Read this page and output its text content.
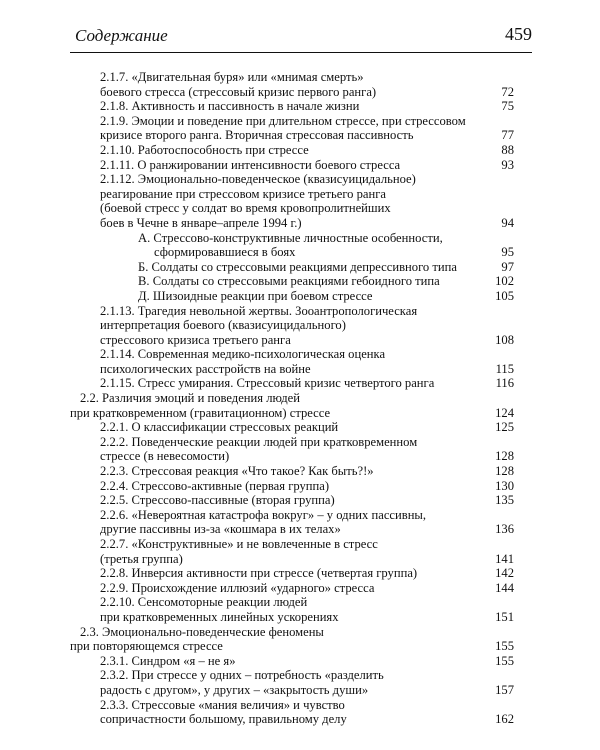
Содержание	459
2.1.7. «Двигательная буря» или «мнимая смерть»
боевого стресса (стрессовый кризис первого ранга)	72
2.1.8. Активность и пассивность в начале жизни	75
2.1.9. Эмоции и поведение при длительном стрессе, при стрессовом
кризисе второго ранга. Вторичная стрессовая пассивность	77
2.1.10. Работоспособность при стрессе	88
2.1.11. О ранжировании интенсивности боевого стресса	93
2.1.12. Эмоционально-поведенческое (квазисуицидальное)
реагирование при стрессовом кризисе третьего ранга
(боевой стресс у солдат во время кровопролитнейших
боев в Чечне в январе–апреле 1994 г.)	94
А. Стрессово-конструктивные личностные особенности,
сформировавшиеся в боях	95
Б. Солдаты со стрессовыми реакциями депрессивного типа	97
В. Солдаты со стрессовыми реакциями гебоидного типа	102
Д. Шизоидные реакции при боевом стрессе	105
2.1.13. Трагедия невольной жертвы. Зооантропологическая
интерпретация боевого (квазисуицидального)
стрессового кризиса третьего ранга	108
2.1.14. Современная медико-психологическая оценка
психологических расстройств на войне	115
2.1.15. Стресс умирания. Стрессовый кризис четвертого ранга	116
2.2. Различия эмоций и поведения людей
при кратковременном (гравитационном) стрессе	124
2.2.1. О классификации стрессовых реакций	125
2.2.2. Поведенческие реакции людей при кратковременном
стрессе (в невесомости)	128
2.2.3. Стрессовая реакция «Что такое? Как быть?!»	128
2.2.4. Стрессово-активные (первая группа)	130
2.2.5. Стрессово-пассивные (вторая группа)	135
2.2.6. «Невероятная катастрофа вокруг» – у одних пассивны,
другие пассивны из-за «кошмара в их телах»	136
2.2.7. «Конструктивные» и не вовлеченные в стресс
(третья группа)	141
2.2.8. Инверсия активности при стрессе (четвертая группа)	142
2.2.9. Происхождение иллюзий «ударного» стресса	144
2.2.10. Сенсомоторные реакции людей
при кратковременных линейных ускорениях	151
2.3. Эмоционально-поведенческие феномены
при повторяющемся стрессе	155
2.3.1. Синдром «я – не я»	155
2.3.2. При стрессе у одних – потребность «разделить
радость с другом», у других – «закрытость души»	157
2.3.3. Стрессовые «мания величия» и чувство
сопричастности большому, правильному делу	162
